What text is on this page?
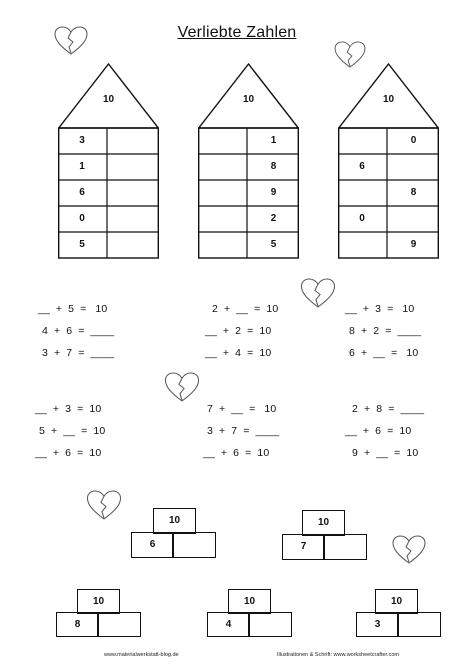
Verliebte Zahlen
10
3
1
6
0
5
10
1
8
9
2
5
10
0
6
8
0
9
__  +  5  =   10
4  +  6  =  ____
3  +  7  =  ____
2  +  __  =  10
__  +  2  =  10
__  +  4  =  10
__  +  3  =   10
8  +  2  =  ____
6  +  __  =   10
__  +  3  =  10
5  +  __  =  10
__  +  6  =  10
7  +  __  =   10
3  +  7  =  ____
__  +  6  =  10
2  +  8  =  ____
__  +  6  =  10
9  +  __  =  10
10
6
10
7
10
8
10
4
10
3
www.materialwerkstatt-blog.de	Illustrationen & Schrift: www.worksheetcrafter.com
